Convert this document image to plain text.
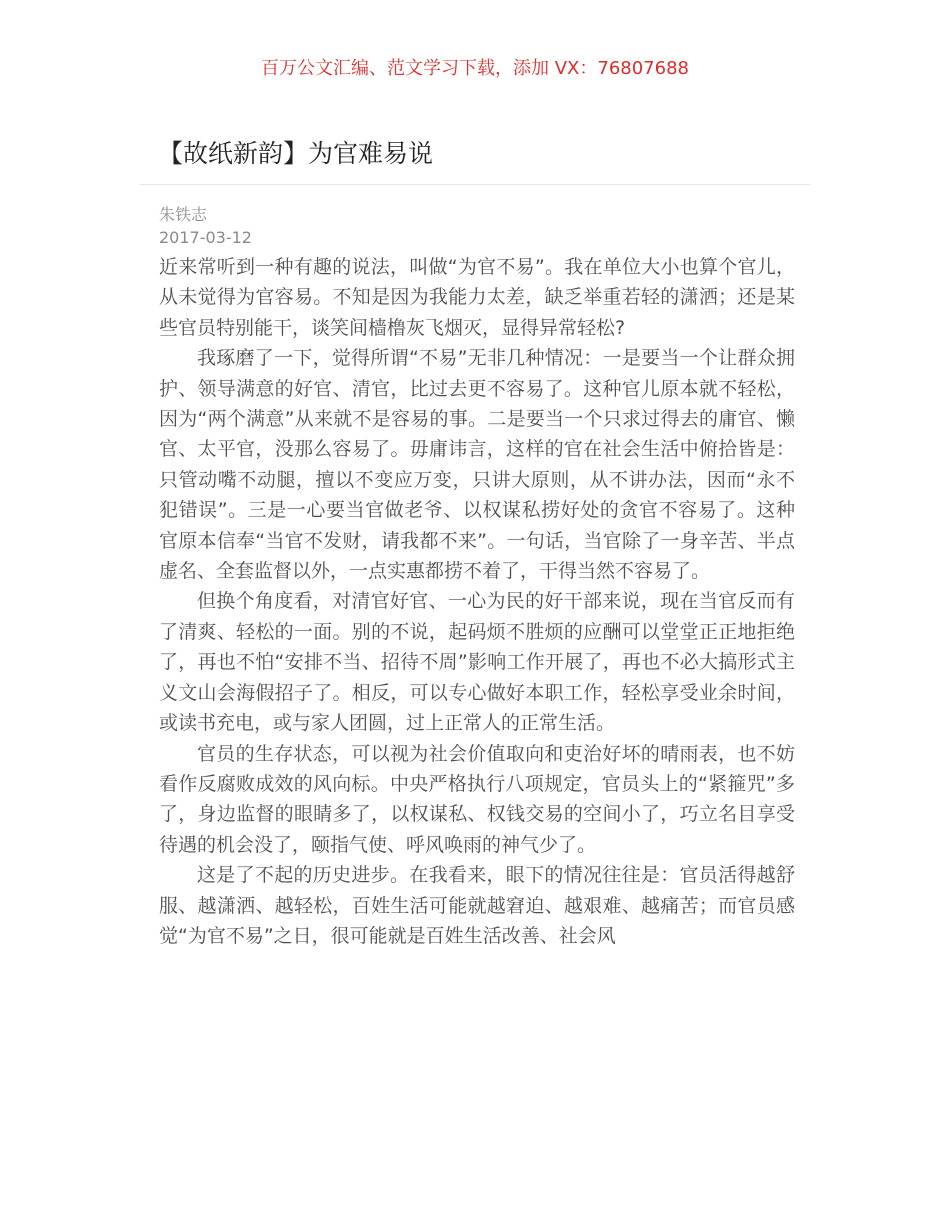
百万公文汇编、范文学习下载，添加 VX：76807688
【故纸新韵】为官难易说
朱铁志
2017-03-12

近来常听到一种有趣的说法，叫做“为官不易”。我在单位大小也算个官儿，从未觉得为官容易。不知是因为我能力太差，缺乏举重若轻的潇洒；还是某些官员特别能干，谈笑间樯橹灰飞烟灭，显得异常轻松?

我琢磨了一下，觉得所谓“不易”无非几种情况：一是要当一个让群众拥护、领导满意的好官、清官，比过去更不容易了。这种官儿原本就不轻松，因为“两个满意”从来就不是容易的事。二是要当一个只求过得去的庸官、懒官、太平官，没那么容易了。毋庸讳言，这样的官在社会生活中俯拾皆是：只管动嘴不动腿，擅以不变应万变，只讲大原则，从不讲办法，因而“永不犯错误”。三是一心要当官做老爷、以权谋私捞好处的贪官不容易了。这种官原本信奉“当官不发财，请我都不来”。一句话，当官除了一身辛苦、半点虚名、全套监督以外，一点实惠都捞不着了，干得当然不容易了。

但换个角度看，对清官好官、一心为民的好干部来说，现在当官反而有了清爽、轻松的一面。别的不说，起码烦不胜烦的应酬可以堂堂正正地拒绝了，再也不怕“安排不当、招待不周”影响工作开展了，再也不必大搞形式主义文山会海假招子了。相反，可以专心做好本职工作，轻松享受业余时间，或读书充电，或与家人团圆，过上正常人的正常生活。

官员的生存状态，可以视为社会价值取向和吏治好坏的晴雨表，也不妨看作反腐败成效的风向标。中央严格执行八项规定，官员头上的“紧箍咒”多了，身边监督的眼睛多了，以权谋私、权钱交易的空间小了，巧立名目享受待遇的机会没了，颐指气使、呼风唤雨的神气少了。

这是了不起的历史进步。在我看来，眼下的情况往往是：官员活得越舒服、越潇洒、越轻松，百姓生活可能就越窘迫、越艰难、越痛苦；而官员感觉“为官不易”之日，很可能就是百姓生活改善、社会风
